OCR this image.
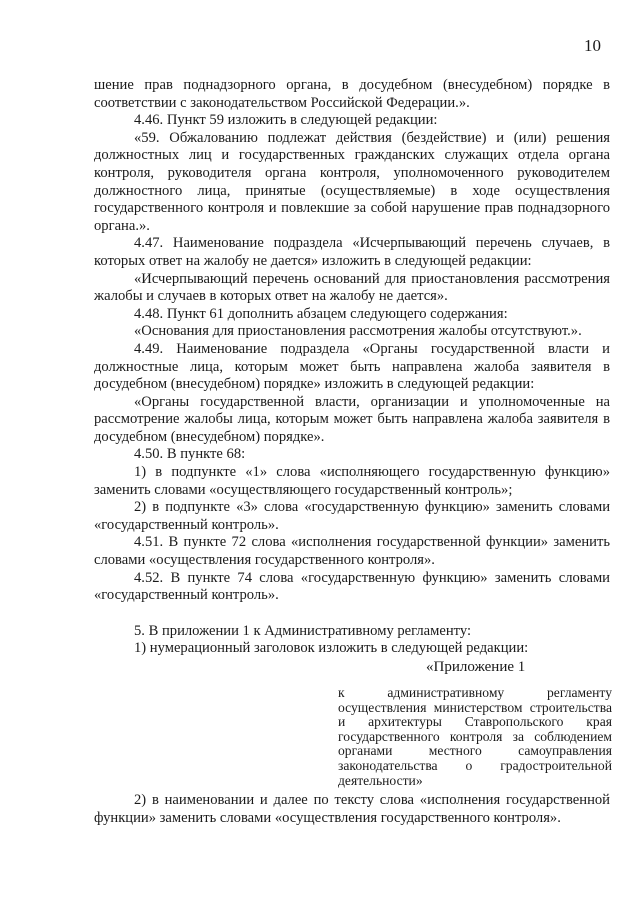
10

шение прав поднадзорного органа, в досудебном (внесудебном) порядке в соответствии с законодательством Российской Федерации.».

4.46. Пункт 59 изложить в следующей редакции:

«59. Обжалованию подлежат действия (бездействие) и (или) решения должностных лиц и государственных гражданских служащих отдела органа контроля, руководителя органа контроля, уполномоченного руководителем должностного лица, принятые (осуществляемые) в ходе осуществления государственного контроля и повлекшие за собой нарушение прав поднадзорного органа.».

4.47. Наименование подраздела «Исчерпывающий перечень случаев, в которых ответ на жалобу не дается» изложить в следующей редакции:

«Исчерпывающий перечень оснований для приостановления рассмотрения жалобы и случаев в которых ответ на жалобу не дается».

4.48. Пункт 61 дополнить абзацем следующего содержания:

«Основания для приостановления рассмотрения жалобы отсутствуют.».

4.49. Наименование подраздела «Органы государственной власти и должностные лица, которым может быть направлена жалоба заявителя в досудебном (внесудебном) порядке» изложить в следующей редакции:

«Органы государственной власти, организации и уполномоченные на рассмотрение жалобы лица, которым может быть направлена жалоба заявителя в досудебном (внесудебном) порядке».

4.50. В пункте 68:

1) в подпункте «1» слова «исполняющего государственную функцию» заменить словами «осуществляющего государственный контроль»;

2) в подпункте «3» слова «государственную функцию» заменить словами «государственный контроль».

4.51. В пункте 72 слова «исполнения государственной функции» заменить словами «осуществления государственного контроля».

4.52. В пункте 74 слова «государственную функцию» заменить словами «государственный контроль».

5. В приложении 1 к Административному регламенту:

1) нумерационный заголовок изложить в следующей редакции:

«Приложение 1
к административному регламенту осуществления министерством строительства и архитектуры Ставропольского края государственного контроля за соблюдением органами местного самоуправления законодательства о градостроительной деятельности»

2) в наименовании и далее по тексту слова «исполнения государственной функции» заменить словами «осуществления государственного контроля».
